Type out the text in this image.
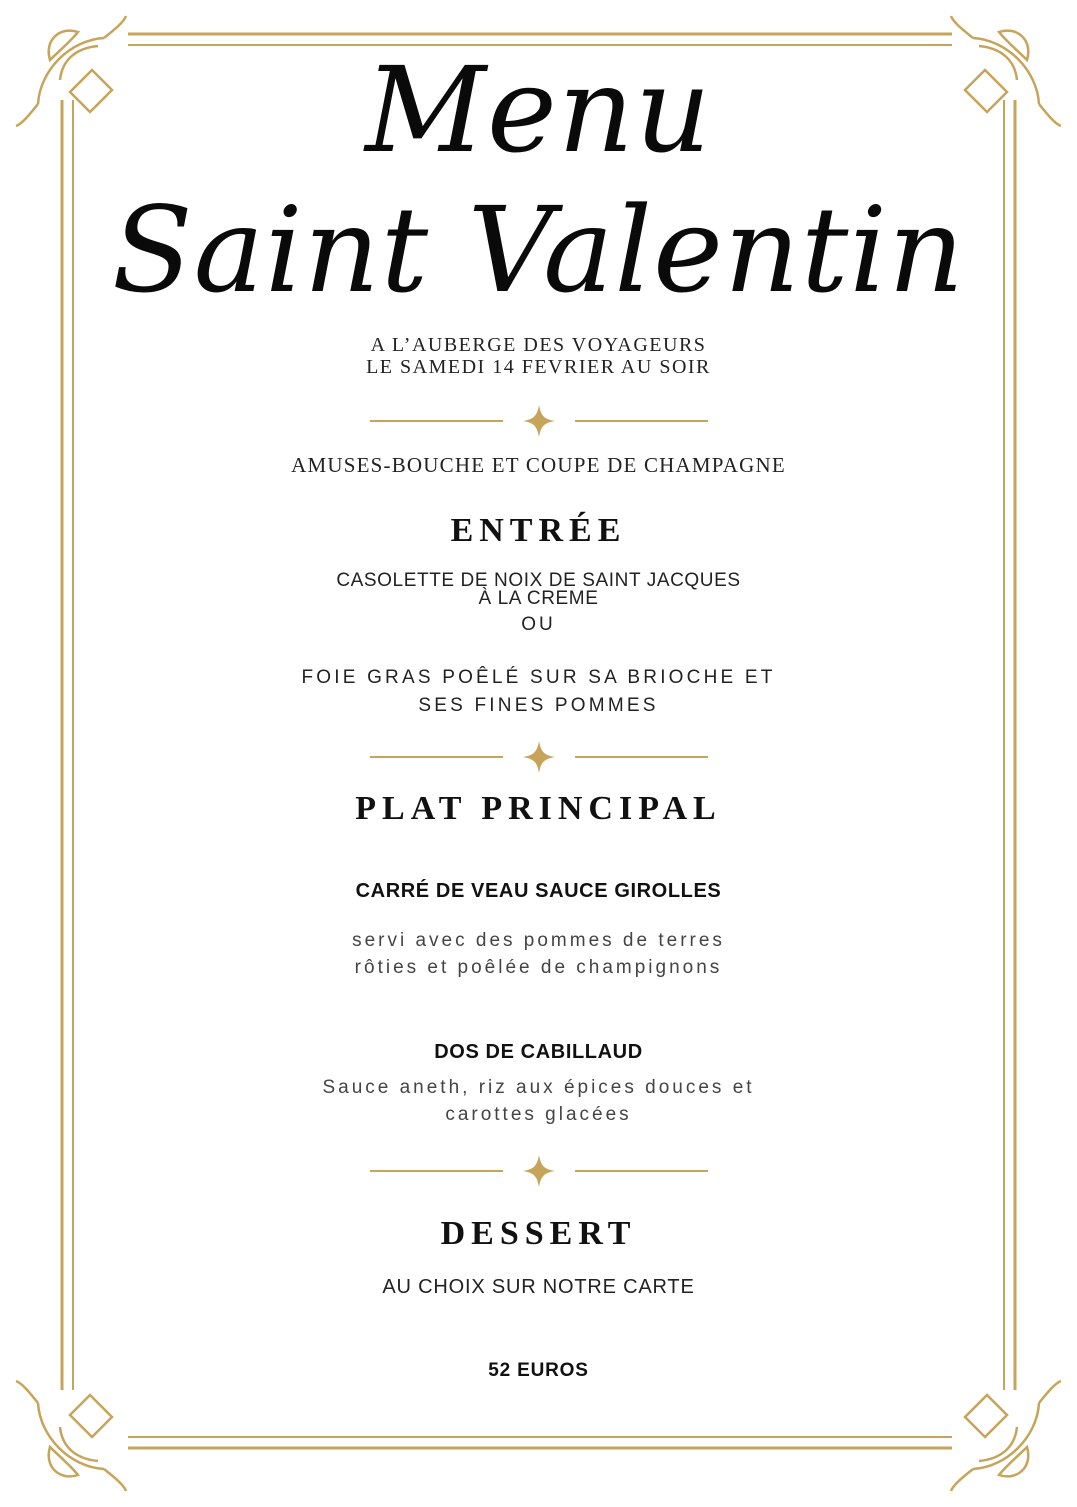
Menu
Saint Valentin

A L’AUBERGE DES VOYAGEURS

LE SAMEDI 14 FEVRIER AU SOIR

AMUSES-BOUCHE ET COUPE DE CHAMPAGNE

ENTRÉE

CASOLETTE DE NOIX DE SAINT JACQUES

À LA CREME

OU

FOIE GRAS POÊLÉ SUR SA BRIOCHE ET

SES FINES POMMES

PLAT PRINCIPAL

CARRÉ DE VEAU SAUCE GIROLLES

servi avec des pommes de terres

rôties et poêlée de champignons

DOS DE CABILLAUD

Sauce aneth, riz aux épices douces et

carottes glacées

DESSERT

AU CHOIX SUR NOTRE CARTE

52 EUROS
